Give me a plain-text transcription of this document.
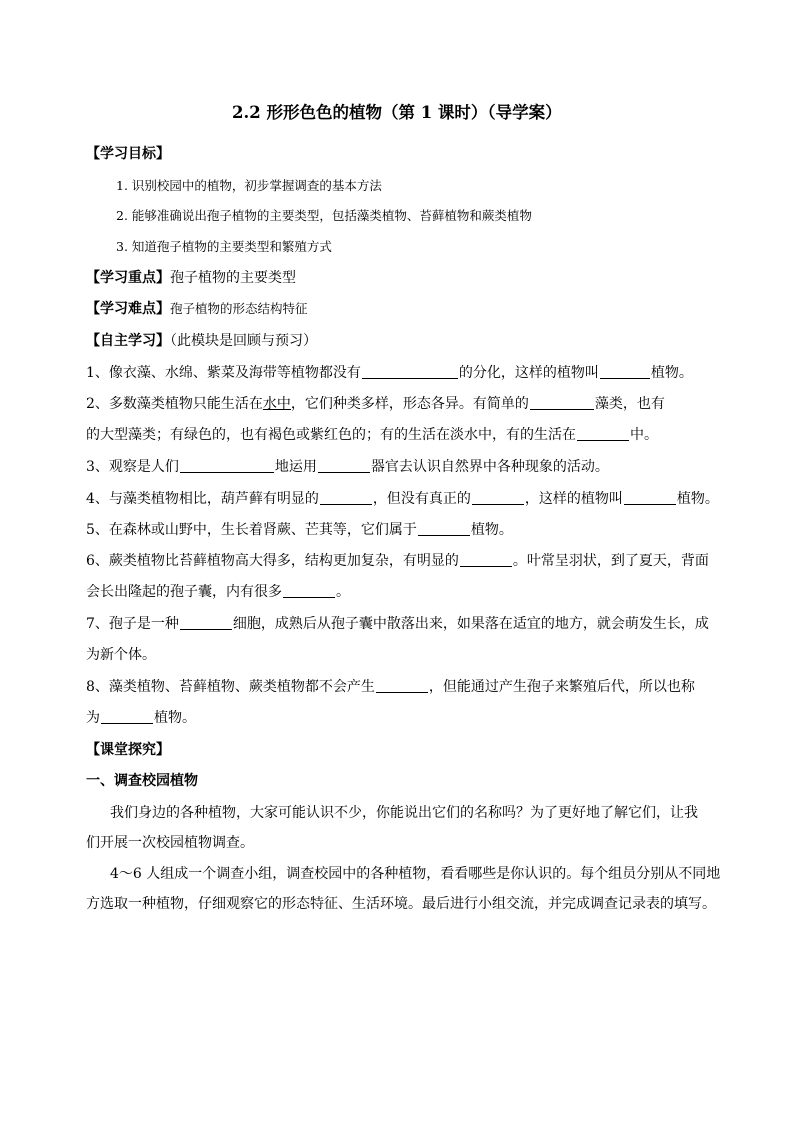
2.2 形形色色的植物（第 1 课时）（导学案）
【学习目标】
1. 识别校园中的植物，初步掌握调查的基本方法
2. 能够准确说出孢子植物的主要类型，包括藻类植物、苔藓植物和蕨类植物
3. 知道孢子植物的主要类型和繁殖方式
【学习重点】孢子植物的主要类型
【学习难点】孢子植物的形态结构特征
【自主学习】（此模块是回顾与预习）
1、像衣藻、水绵、紫菜及海带等植物都没有	的分化，这样的植物叫	植物。
2、多数藻类植物只能生活在水中，它们种类多样，形态各异。有简单的	藻类，也有
的大型藻类；有绿色的，也有褐色或紫红色的；有的生活在淡水中，有的生活在	中。
3、观察是人们	地运用	器官去认识自然界中各种现象的活动。
4、与藻类植物相比，葫芦藓有明显的	，但没有真正的	，这样的植物叫	植物。
5、在森林或山野中，生长着肾蕨、芒萁等，它们属于	植物。
6、蕨类植物比苔藓植物高大得多，结构更加复杂，有明显的	。叶常呈羽状，到了夏天，背面
会长出隆起的孢子囊，内有很多	。
7、孢子是一种	细胞，成熟后从孢子囊中散落出来，如果落在适宜的地方，就会萌发生长，成
为新个体。
8、藻类植物、苔藓植物、蕨类植物都不会产生	，但能通过产生孢子来繁殖后代，所以也称
为	植物。
【课堂探究】
一、调查校园植物
我们身边的各种植物，大家可能认识不少，你能说出它们的名称吗？为了更好地了解它们，让我
们开展一次校园植物调查。
4～6 人组成一个调查小组，调查校园中的各种植物，看看哪些是你认识的。每个组员分别从不同地
方选取一种植物，仔细观察它的形态特征、生活环境。最后进行小组交流，并完成调查记录表的填写。
